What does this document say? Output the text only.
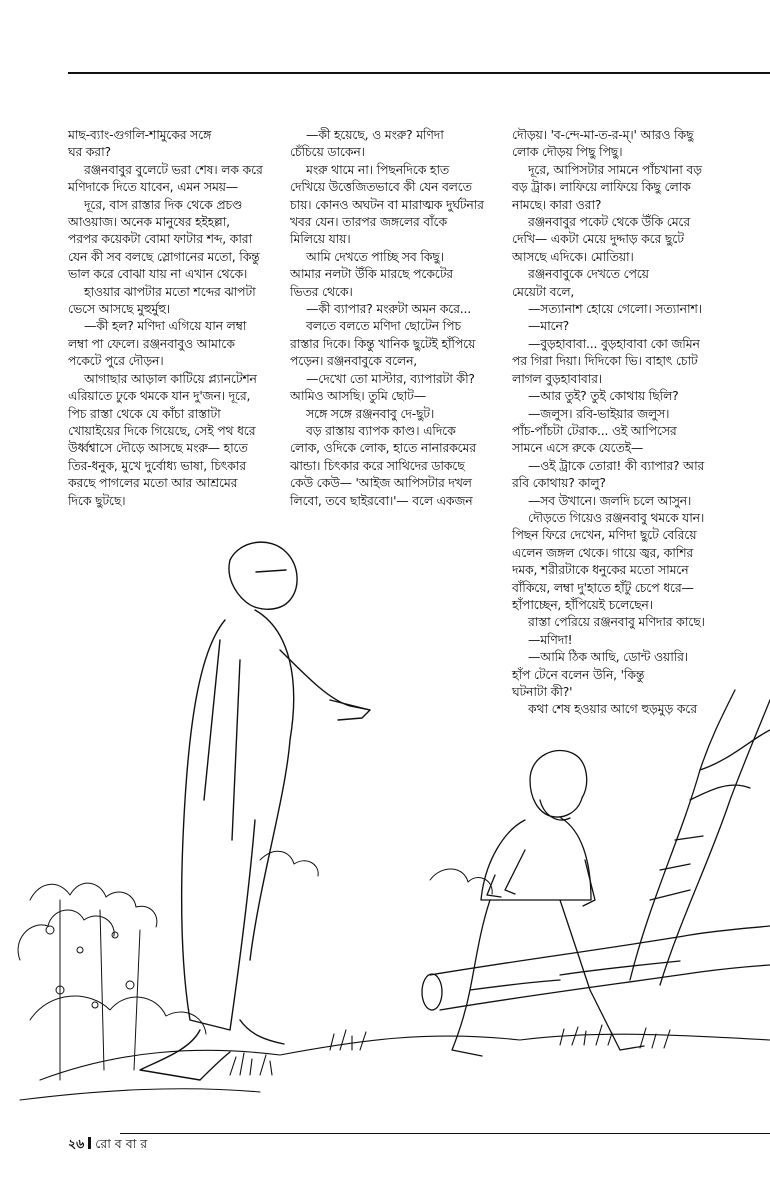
মাছ-ব্যাং-গুগলি-শামুকের সঙ্গে

ঘর করা?

রঞ্জনবাবুর বুলেটে ভরা শেষ। লক করে

মণিদাকে দিতে যাবেন, এমন সময়—

দূরে, বাস রাস্তার দিক থেকে প্রচণ্ড

আওয়াজ। অনেক মানুষের হইহল্লা,

পরপর কয়েকটা বোমা ফাটার শব্দ, কারা

যেন কী সব বলছে স্লোগানের মতো, কিন্তু

ভাল করে বোঝা যায় না এখান থেকে।

হাওয়ার ঝাপটার মতো শব্দের ঝাপটা

ভেসে আসছে মুহুর্মুহু।

—কী হল? মণিদা এগিয়ে যান লম্বা

লম্বা পা ফেলে। রঞ্জনবাবুও আমাকে

পকেটে পুরে দৌড়ন।

আগাছার আড়াল কাটিয়ে প্ল্যানটেশন

এরিয়াতে ঢুকে থমকে যান দু'জন। দূরে,

পিচ রাস্তা থেকে যে কাঁচা রাস্তাটা

খোয়াইয়ের দিকে গিয়েছে, সেই পথ ধরে

উর্ধ্বশ্বাসে দৌড়ে আসছে মংরু— হাতে

তির-ধনুক, মুখে দুর্বোধ্য ভাষা, চিৎকার

করছে পাগলের মতো আর আশ্রমের

দিকে ছুটছে।

—কী হয়েছে, ও মংরু? মণিদা

চেঁচিয়ে ডাকেন।

মংরু থামে না। পিছনদিকে হাত

দেখিয়ে উত্তেজিতভাবে কী যেন বলতে

চায়। কোনও অঘটন বা মারাত্মক দুর্ঘটনার

খবর যেন। তারপর জঙ্গলের বাঁকে

মিলিয়ে যায়।

আমি দেখতে পাচ্ছি সব কিছু।

আমার নলটা উঁকি মারছে পকেটের

ভিতর থেকে।

—কী ব্যাপার? মংরুটা অমন করে...

বলতে বলতে মণিদা ছোটেন পিচ

রাস্তার দিকে। কিন্তু খানিক ছুটেই হাঁপিয়ে

পড়েন। রঞ্জনবাবুকে বলেন,

—দেখো তো মাস্টার, ব্যাপারটা কী?

আমিও আসছি। তুমি ছোট—

সঙ্গে সঙ্গে রঞ্জনবাবু দে-ছুট।

বড় রাস্তায় ব্যাপক কাণ্ড। এদিকে

লোক, ওদিকে লোক, হাতে নানারকমের

ঝান্ডা। চিৎকার করে সাথিদের ডাকছে

কেউ কেউ— 'আইজ আপিসটার দখল

লিবো, তবে ছাইরবো।'— বলে একজন

দৌড়য়। 'ব-ন্দে-মা-ত-র-ম্‌।' আরও কিছু

লোক দৌড়য় পিছু পিছু।

দূরে, আপিসটার সামনে পাঁচখানা বড়

বড় ট্রাক। লাফিয়ে লাফিয়ে কিছু লোক

নামছে। কারা ওরা?

রঞ্জনবাবুর পকেট থেকে উঁকি মেরে

দেখি— একটা মেয়ে দুদ্দাড় করে ছুটে

আসছে এদিকে। মোতিয়া।

রঞ্জনবাবুকে দেখতে পেয়ে

মেয়েটা বলে,

—সত্যানাশ হোয়ে গেলো। সত্যানাশ।

—মানে?

—বুড়হাবাবা... বুড়হাবাবা কো জমিন

পর গিরা দিয়া। দিদিকো ভি। বাহাৎ চোট

লাগল বুড়হাবাবার।

—আর তুই? তুই কোথায় ছিলি?

—জলুস। রবি-ভাইয়ার জলুস।

পাঁচ-পাঁচটা টেরাক... ওই আপিসের

সামনে এসে রুকে যেতেই—

—ওই ট্রাকে তোরা! কী ব্যাপার? আর

রবি কোথায়? কালু?

—সব উখানে। জলদি চলে আসুন।

দৌড়তে গিয়েও রঞ্জনবাবু থমকে যান।

পিছন ফিরে দেখেন, মণিদা ছুটে বেরিয়ে

এলেন জঙ্গল থেকে। গায়ে জ্বর, কাশির

দমক, শরীরটাকে ধনুকের মতো সামনে

বাঁকিয়ে, লম্বা দু'হাতে হাঁটু চেপে ধরে—

হাঁপাচ্ছেন, হাঁপিয়েই চলেছেন।

রাস্তা পেরিয়ে রঞ্জনবাবু মণিদার কাছে।

—মণিদা!

—আমি ঠিক আছি, ডোন্ট ওয়ারি।

হাঁপ টেনে বলেন উনি, 'কিন্তু

ঘটনাটা কী?'

কথা শেষ হওয়ার আগে হুড়মুড় করে

২৬ রো ব বা র
